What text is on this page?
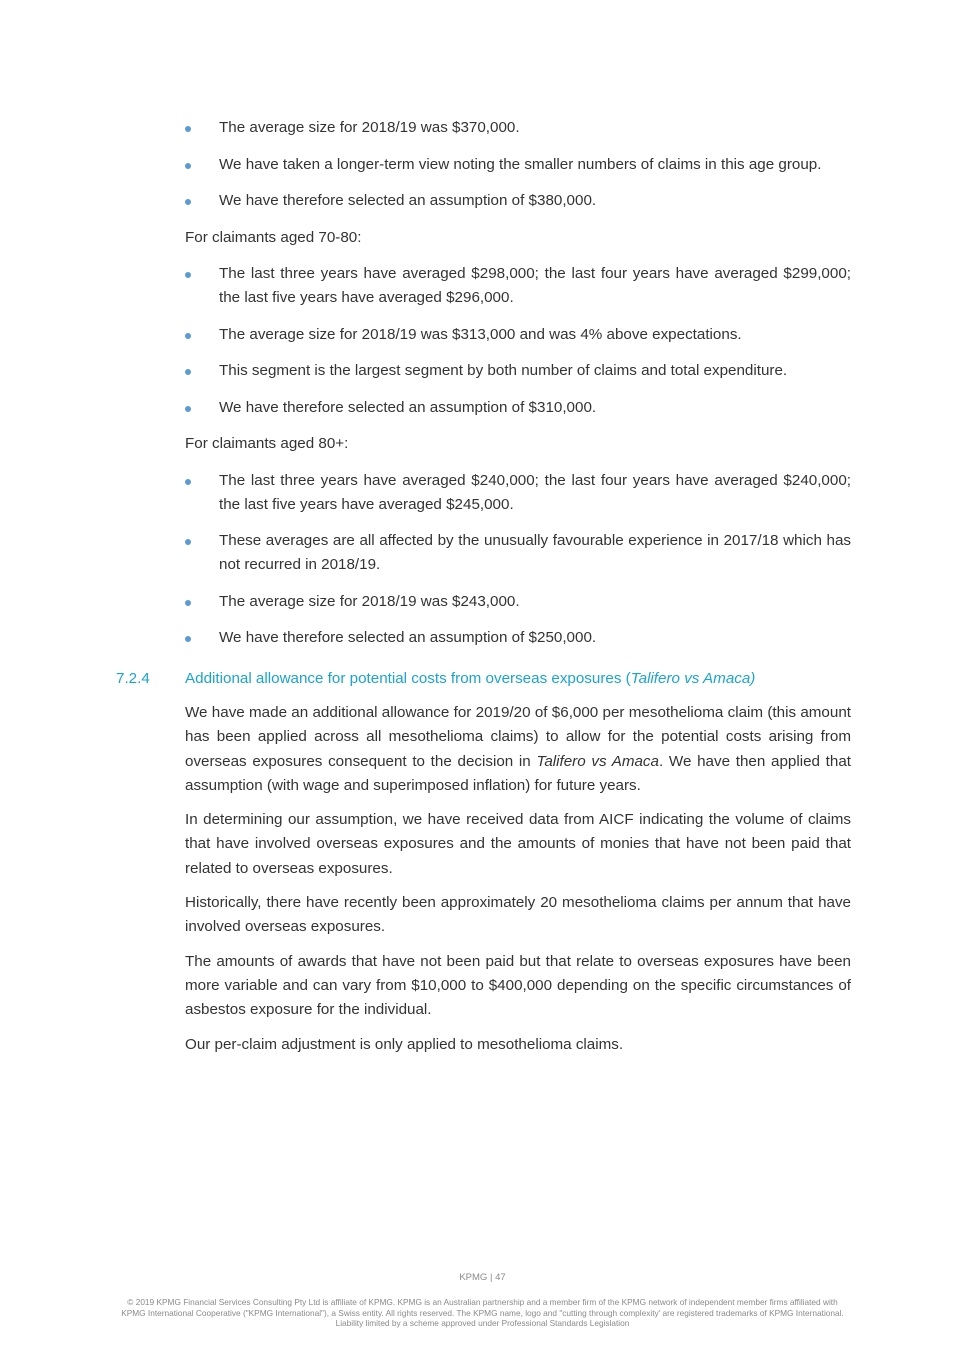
The average size for 2018/19 was $370,000.
We have taken a longer-term view noting the smaller numbers of claims in this age group.
We have therefore selected an assumption of $380,000.

For claimants aged 70-80:

The last three years have averaged $298,000; the last four years have averaged $299,000; the last five years have averaged $296,000.
The average size for 2018/19 was $313,000 and was 4% above expectations.
This segment is the largest segment by both number of claims and total expenditure.
We have therefore selected an assumption of $310,000.

For claimants aged 80+:

The last three years have averaged $240,000; the last four years have averaged $240,000; the last five years have averaged $245,000.
These averages are all affected by the unusually favourable experience in 2017/18 which has not recurred in 2018/19.
The average size for 2018/19 was $243,000.
We have therefore selected an assumption of $250,000.
7.2.4 Additional allowance for potential costs from overseas exposures (Talifero vs Amaca)

We have made an additional allowance for 2019/20 of $6,000 per mesothelioma claim (this amount has been applied across all mesothelioma claims) to allow for the potential costs arising from overseas exposures consequent to the decision in Talifero vs Amaca. We have then applied that assumption (with wage and superimposed inflation) for future years.

In determining our assumption, we have received data from AICF indicating the volume of claims that have involved overseas exposures and the amounts of monies that have not been paid that related to overseas exposures.

Historically, there have recently been approximately 20 mesothelioma claims per annum that have involved overseas exposures.

The amounts of awards that have not been paid but that relate to overseas exposures have been more variable and can vary from $10,000 to $400,000 depending on the specific circumstances of asbestos exposure for the individual.

Our per-claim adjustment is only applied to mesothelioma claims.

KPMG | 47
© 2019 KPMG Financial Services Consulting Pty Ltd is affiliate of KPMG. KPMG is an Australian partnership and a member firm of the KPMG network of independent member firms affiliated with KPMG International Cooperative ("KPMG International"), a Swiss entity. All rights reserved. The KPMG name, logo and "cutting through complexity' are registered trademarks of KPMG International. Liability limited by a scheme approved under Professional Standards Legislation
